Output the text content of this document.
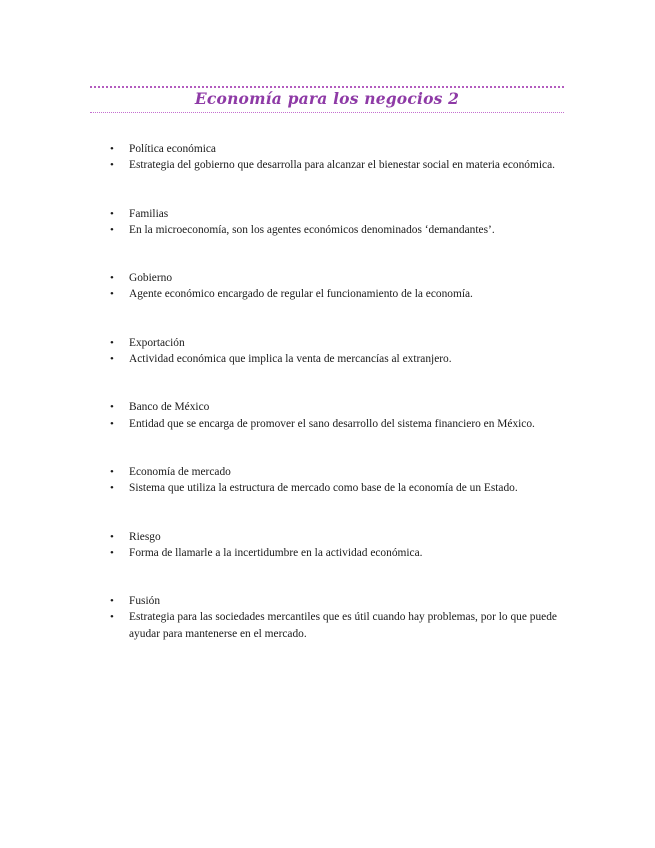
Economía para los negocios 2
• Política económica
• Estrategia del gobierno que desarrolla para alcanzar el bienestar social en materia económica.
• Familias
• En la microeconomía, son los agentes económicos denominados ‘demandantes’.
• Gobierno
• Agente económico encargado de regular el funcionamiento de la economía.
• Exportación
• Actividad económica que implica la venta de mercancías al extranjero.
• Banco de México
• Entidad que se encarga de promover el sano desarrollo del sistema financiero en México.
• Economía de mercado
• Sistema que utiliza la estructura de mercado como base de la economía de un Estado.
• Riesgo
• Forma de llamarle a la incertidumbre en la actividad económica.
• Fusión
• Estrategia para las sociedades mercantiles que es útil cuando hay problemas, por lo que puede ayudar para mantenerse en el mercado.
